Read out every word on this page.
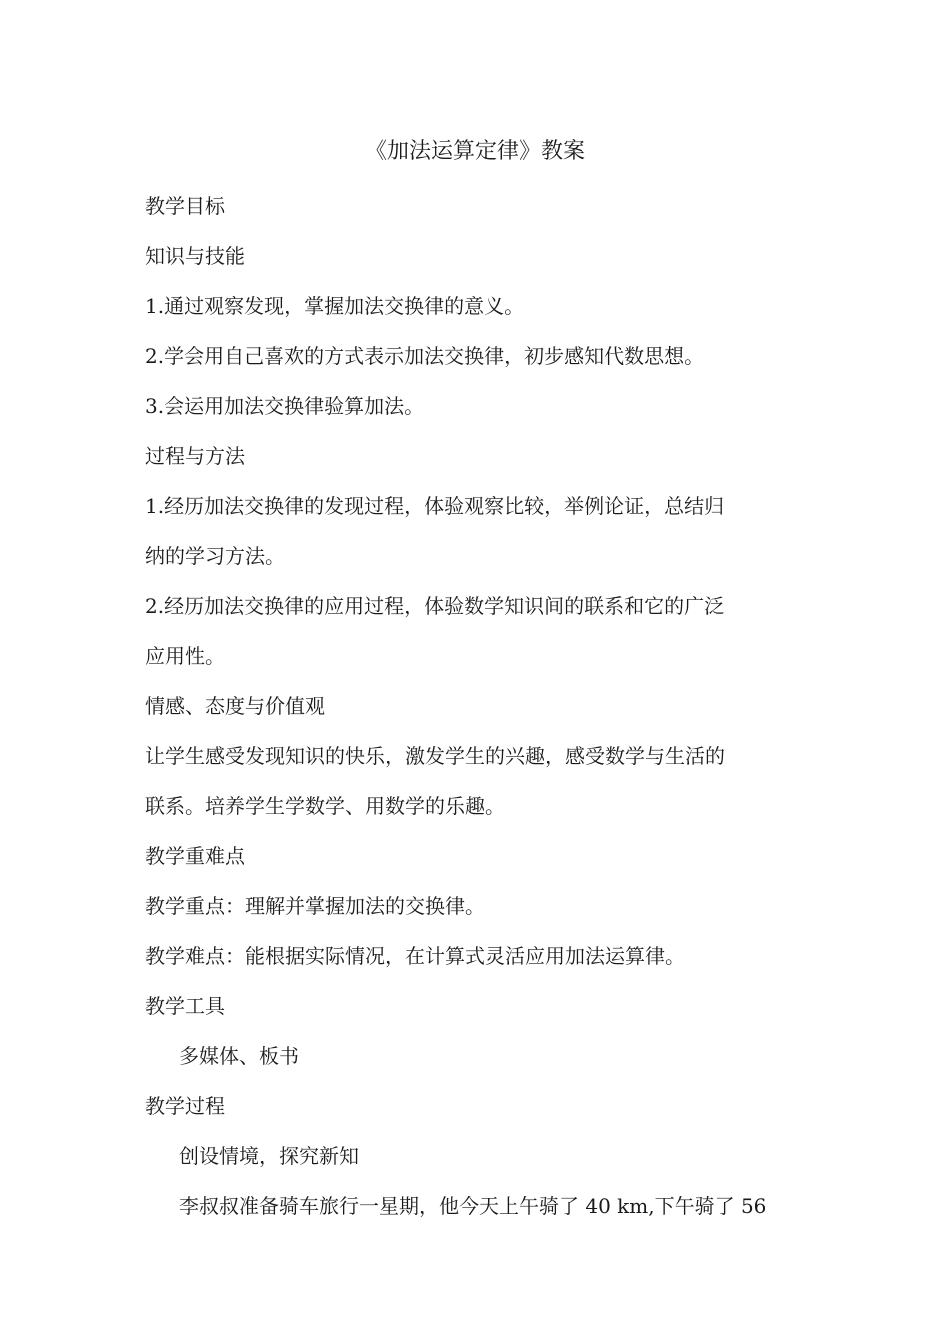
《加法运算定律》教案
教学目标
知识与技能
1.通过观察发现，掌握加法交换律的意义。
2.学会用自己喜欢的方式表示加法交换律，初步感知代数思想。
3.会运用加法交换律验算加法。
过程与方法
1.经历加法交换律的发现过程，体验观察比较，举例论证，总结归
纳的学习方法。
2.经历加法交换律的应用过程，体验数学知识间的联系和它的广泛
应用性。
情感、态度与价值观
让学生感受发现知识的快乐，激发学生的兴趣，感受数学与生活的
联系。培养学生学数学、用数学的乐趣。
教学重难点
教学重点：理解并掌握加法的交换律。
教学难点：能根据实际情况，在计算式灵活应用加法运算律。
教学工具
多媒体、板书
教学过程
创设情境，探究新知
李叔叔准备骑车旅行一星期，他今天上午骑了 40 km,下午骑了 56
